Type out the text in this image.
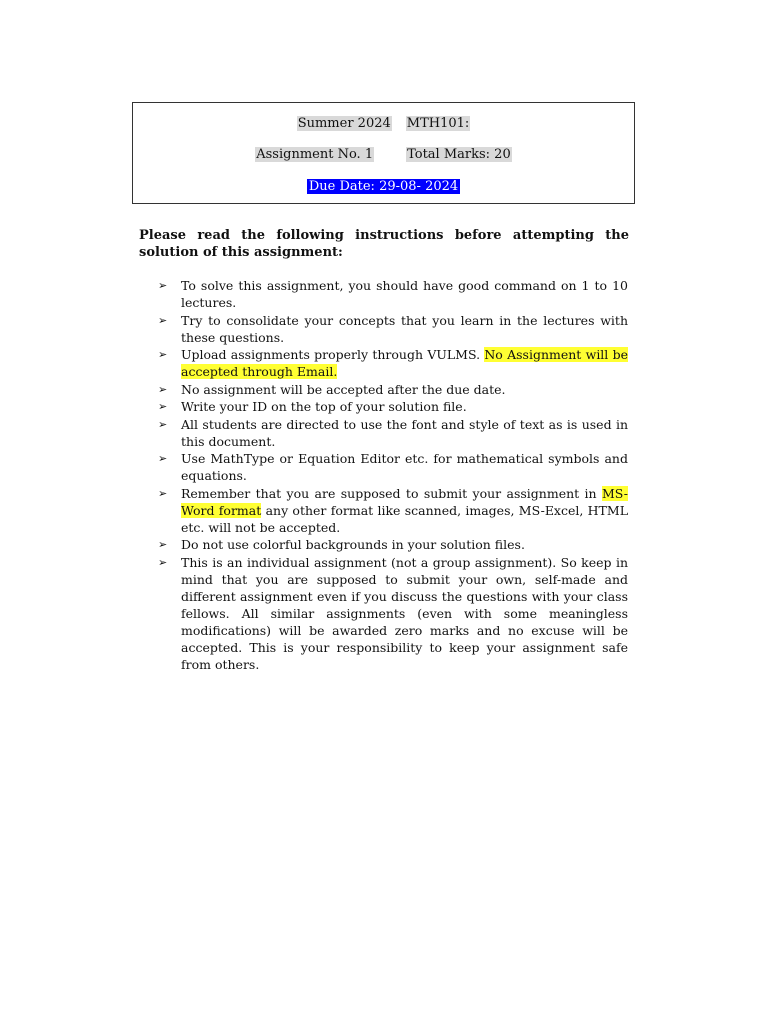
Summer 2024 MTH101:
Assignment No. 1	Total Marks: 20
Due Date: 29-08- 2024
Please read the following instructions before attempting the solution of this assignment:
➢ To solve this assignment, you should have good command on 1 to 10 lectures.
➢ Try to consolidate your concepts that you learn in the lectures with these questions.
➢ Upload assignments properly through VULMS. No Assignment will be accepted through Email.
➢ No assignment will be accepted after the due date.
➢ Write your ID on the top of your solution file.
➢ All students are directed to use the font and style of text as is used in this document.
➢ Use MathType or Equation Editor etc. for mathematical symbols and equations.
➢ Remember that you are supposed to submit your assignment in MS-Word format any other format like scanned, images, MS-Excel, HTML etc. will not be accepted.
➢ Do not use colorful backgrounds in your solution files.
➢ This is an individual assignment (not a group assignment). So keep in mind that you are supposed to submit your own, self-made and different assignment even if you discuss the questions with your class fellows. All similar assignments (even with some meaningless modifications) will be awarded zero marks and no excuse will be accepted. This is your responsibility to keep your assignment safe from others.
